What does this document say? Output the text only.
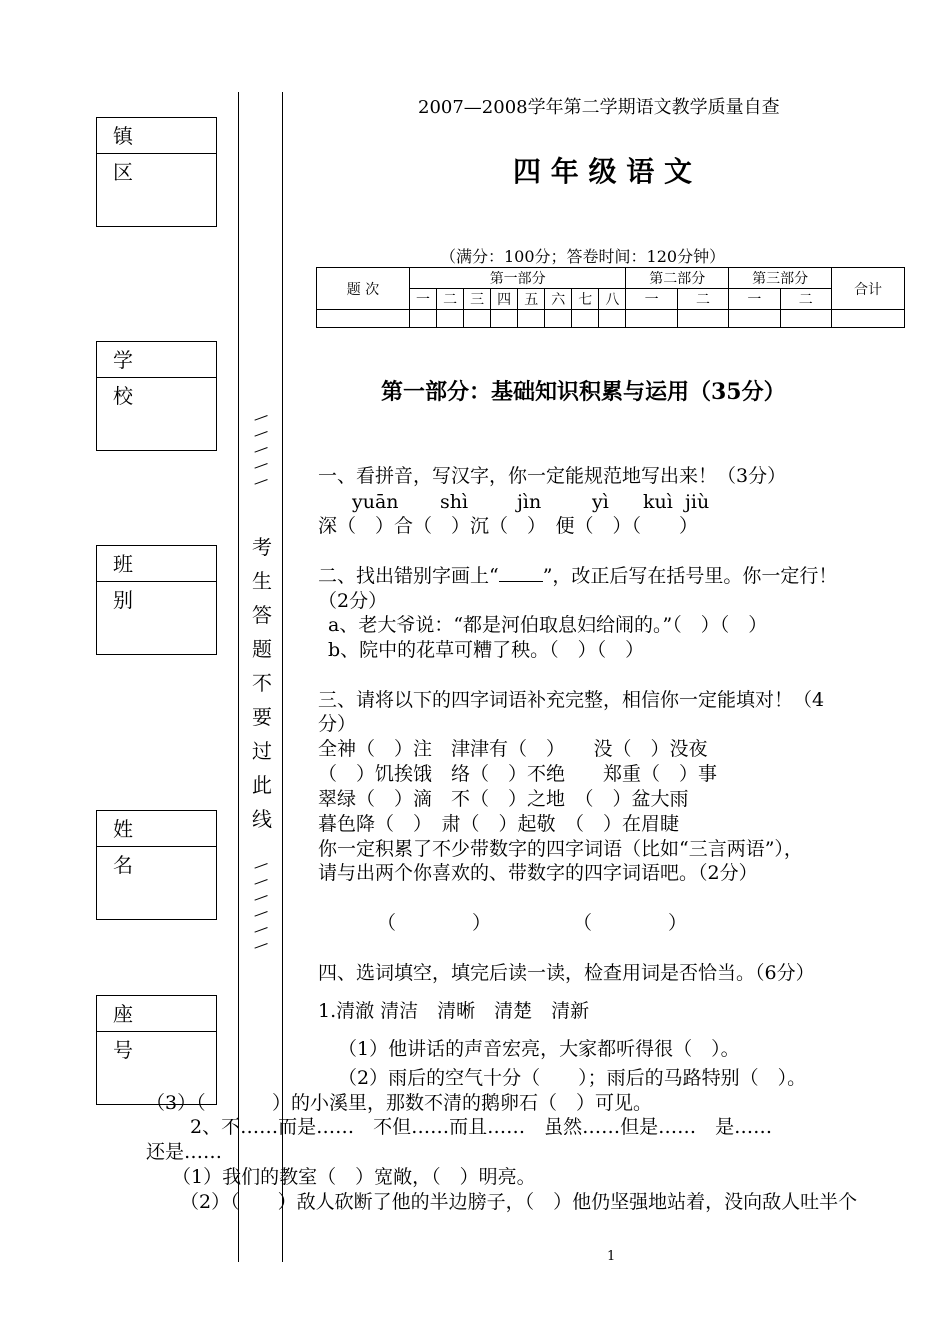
镇　　区
学　　校
班　　别
姓　　名
座　　号
—
—
—
—
—
—
—
—
—
—
—
考
生
答
题
不
要
过
此
线
2007—2008学年第二学期语文教学质量自查
四 年 级 语 文
（满分：100分；答卷时间：120分钟）
题 次	第一部分								第二部分		第三部分		合计
	一	二	三	四	五	六	七	八	一	二	一	二	

第一部分：基础知识积累与运用（35分）
一、看拼音，写汉字，你一定能规范地写出来！（3分）
yuān shì	jìn	yì kuì jiù
深（　）合（　）沉（　）　便（　）（　　）
二、找出错别字画上“ ”，改正后写在括号里。你一定行！
（2分）
a、老大爷说：“都是河伯取息妇给闹的。”（　）（　）
b、院中的花草可糟了秧。（　）（　）
三、请将以下的四字词语补充完整，相信你一定能填对！（4
分）
全神（　）注　津津有（　）　　没（　）没夜
（　）饥挨饿　络（　）不绝　　郑重（　）事
翠绿（　）滴　不（　）之地　（　）盆大雨
暮色降（　）　肃（　）起敬　（　）在眉睫
你一定积累了不少带数字的四字词语（比如“三言两语”），
请与出两个你喜欢的、带数字的四字词语吧。（2分）
（　　　　）	（　　　　）
四、选词填空，填完后读一读，检查用词是否恰当。（6分）
1.清澈 清洁　清晰　清楚　清新
（1）他讲话的声音宏亮，大家都听得很（　）。
（2）雨后的空气十分（　　）；雨后的马路特别（　）。
（3）（	）的小溪里，那数不清的鹅卵石（　）可见。
2、不……而是……　不但……而且……　虽然……但是……　是……
还是……
（1）我们的教室（　）宽敞，（　）明亮。
（2）（　　）敌人砍断了他的半边膀子，（　）他仍坚强地站着，没向敌人吐半个
1
